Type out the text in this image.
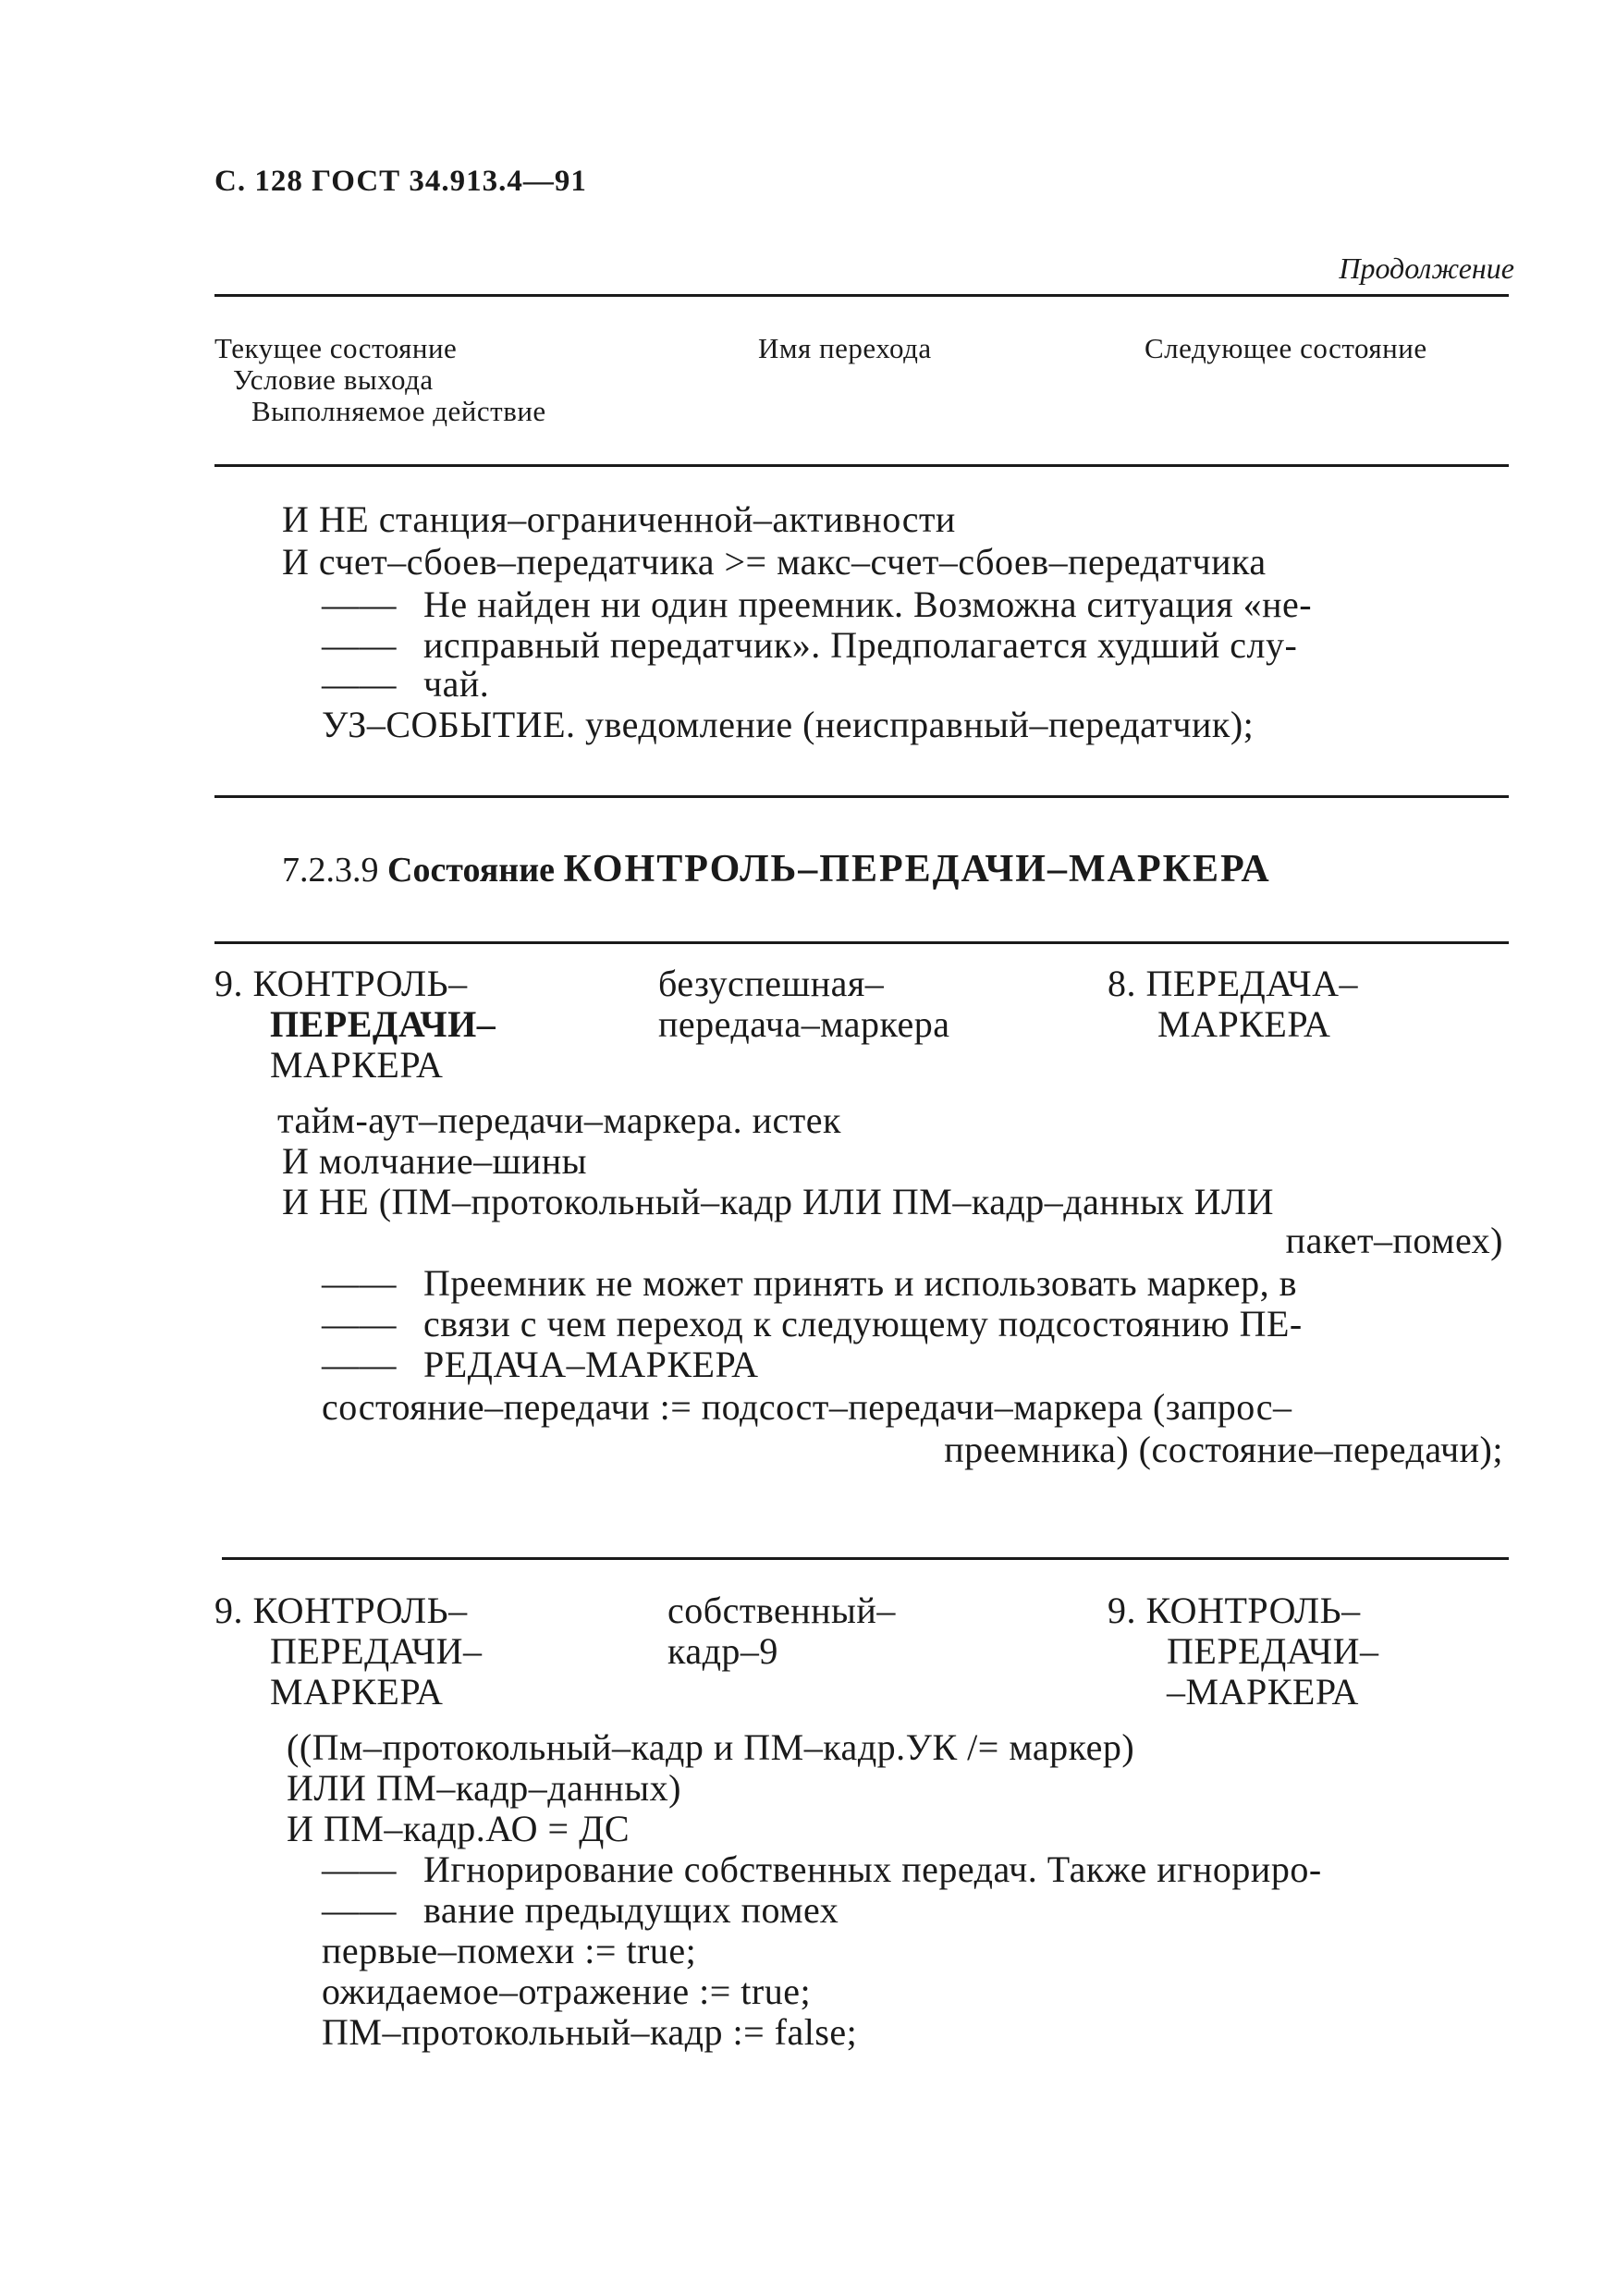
С. 128 ГОСТ 34.913.4—91
Продолжение
Текущее состояние
Условие выхода
Выполняемое действие
Имя перехода	Следующее состояние
И НЕ станция–ограниченной–активности
И счет–сбоев–передатчика >= макс–счет–сбоев–передатчика
—— Не найден ни один преемник. Возможна ситуация «не-
—— исправный передатчик». Предполагается худший слу-
—— чай.
УЗ–СОБЫТИЕ. уведомление (неисправный–передатчик);
7.2.3.9 Состояние КОНТРОЛЬ–ПЕРЕДАЧИ–МАРКЕРА
9. КОНТРОЛЬ–
ПЕРЕДАЧИ–
МАРКЕРА
безуспешная–
передача–маркера
8. ПЕРЕДАЧА–
МАРКЕРА
тайм-аут–передачи–маркера. истек
И молчание–шины
И НЕ (ПМ–протокольный–кадр ИЛИ ПМ–кадр–данных ИЛИ
пакет–помех)
—— Преемник не может принять и использовать маркер, в
—— связи с чем переход к следующему подсостоянию ПЕ-
—— РЕДАЧА–МАРКЕРА
состояние–передачи := подсост–передачи–маркера (запрос–
преемника) (состояние–передачи);
9. КОНТРОЛЬ–
ПЕРЕДАЧИ–
МАРКЕРА
собственный–
кадр–9
9. КОНТРОЛЬ–
ПЕРЕДАЧИ–
–МАРКЕРА
((Пм–протокольный–кадр и ПМ–кадр.УК /= маркер)
ИЛИ ПМ–кадр–данных)
И ПМ–кадр.АО = ДС
—— Игнорирование собственных передач. Также игнориро-
—— вание предыдущих помех
первые–помехи := true;
ожидаемое–отражение := true;
ПМ–протокольный–кадр := false;
